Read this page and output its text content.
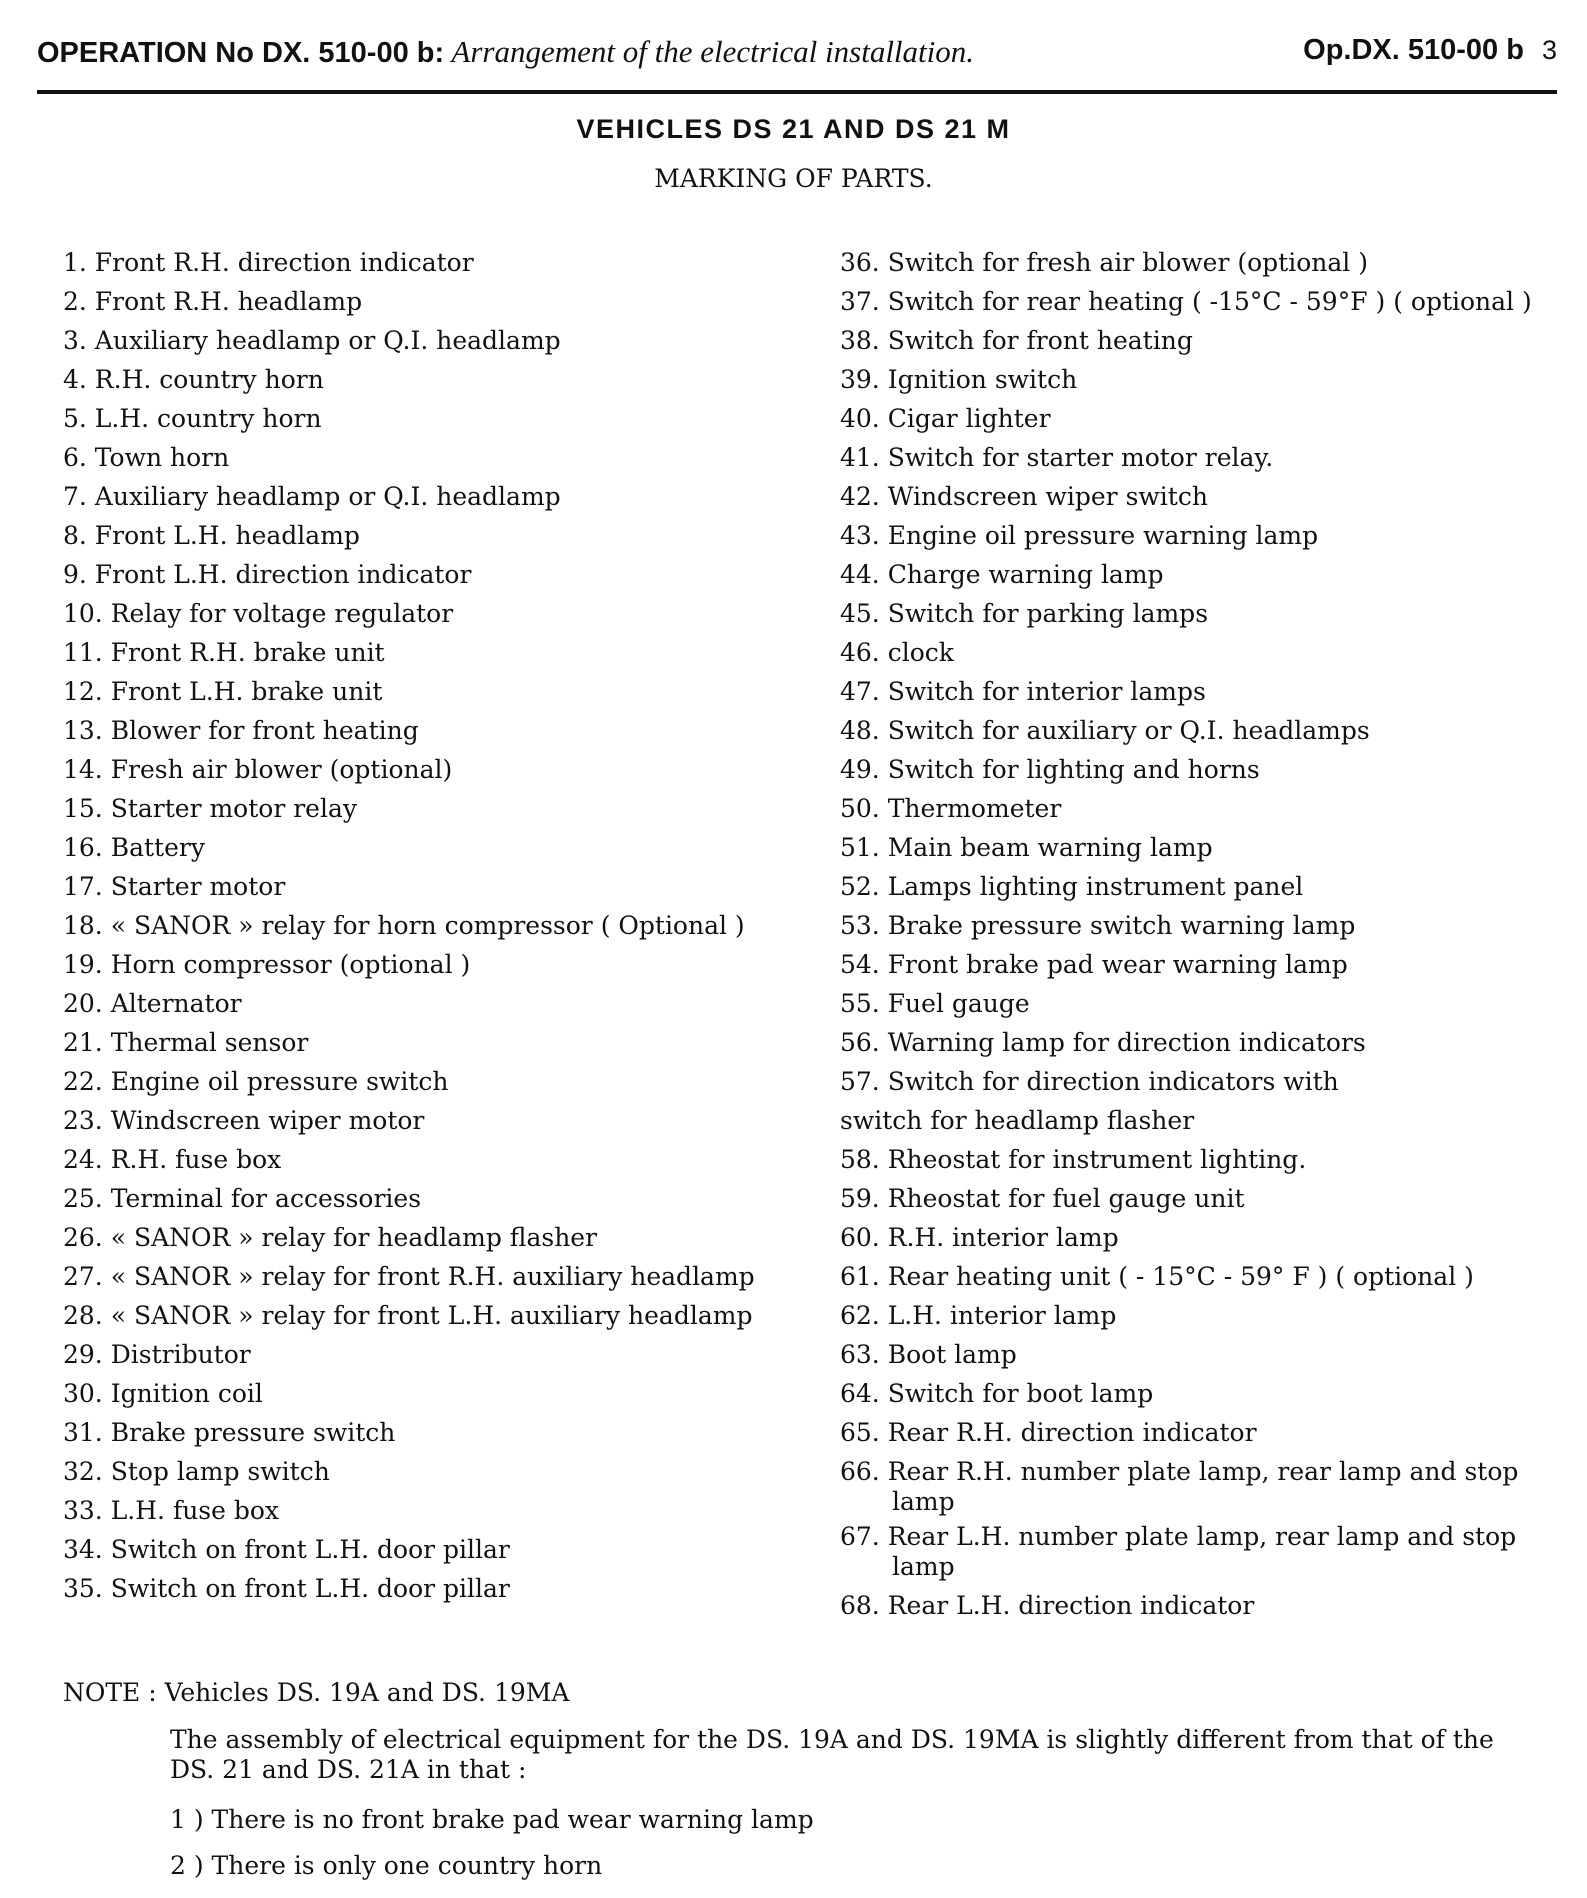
OPERATION No DX. 510-00 b: Arrangement of the electrical installation.	Op.DX. 510-00 b 3
VEHICLES DS 21 AND DS 21 M
MARKING OF PARTS.
1. Front R.H. direction indicator
2. Front R.H. headlamp
3. Auxiliary headlamp or Q.I. headlamp
4. R.H. country horn
5. L.H. country horn
6. Town horn
7. Auxiliary headlamp or Q.I. headlamp
8. Front L.H. headlamp
9. Front L.H. direction indicator
10. Relay for voltage regulator
11. Front R.H. brake unit
12. Front L.H. brake unit
13. Blower for front heating
14. Fresh air blower (optional)
15. Starter motor relay
16. Battery
17. Starter motor
18. « SANOR » relay for horn compressor ( Optional )
19. Horn compressor (optional )
20. Alternator
21. Thermal sensor
22. Engine oil pressure switch
23. Windscreen wiper motor
24. R.H. fuse box
25. Terminal for accessories
26. « SANOR » relay for headlamp flasher
27. « SANOR » relay for front R.H. auxiliary headlamp
28. « SANOR » relay for front L.H. auxiliary headlamp
29. Distributor
30. Ignition coil
31. Brake pressure switch
32. Stop lamp switch
33. L.H. fuse box
34. Switch on front L.H. door pillar
35. Switch on front L.H. door pillar
36. Switch for fresh air blower (optional )
37. Switch for rear heating ( -15°C - 59°F ) ( optional )
38. Switch for front heating
39. Ignition switch
40. Cigar lighter
41. Switch for starter motor relay.
42. Windscreen wiper switch
43. Engine oil pressure warning lamp
44. Charge warning lamp
45. Switch for parking lamps
46. clock
47. Switch for interior lamps
48. Switch for auxiliary or Q.I. headlamps
49. Switch for lighting and horns
50. Thermometer
51. Main beam warning lamp
52. Lamps lighting instrument panel
53. Brake pressure switch warning lamp
54. Front brake pad wear warning lamp
55. Fuel gauge
56. Warning lamp for direction indicators
57. Switch for direction indicators with
switch for headlamp flasher
58. Rheostat for instrument lighting.
59. Rheostat for fuel gauge unit
60. R.H. interior lamp
61. Rear heating unit ( - 15°C - 59° F ) ( optional )
62. L.H. interior lamp
63. Boot lamp
64. Switch for boot lamp
65. Rear R.H. direction indicator
66. Rear R.H. number plate lamp, rear lamp and stop lamp
67. Rear L.H. number plate lamp, rear lamp and stop lamp
68. Rear L.H. direction indicator
NOTE : Vehicles DS. 19A and DS. 19MA
The assembly of electrical equipment for the DS. 19A and DS. 19MA is slightly different from that of the DS. 21 and DS. 21A in that :
1 ) There is no front brake pad wear warning lamp
2 ) There is only one country horn
